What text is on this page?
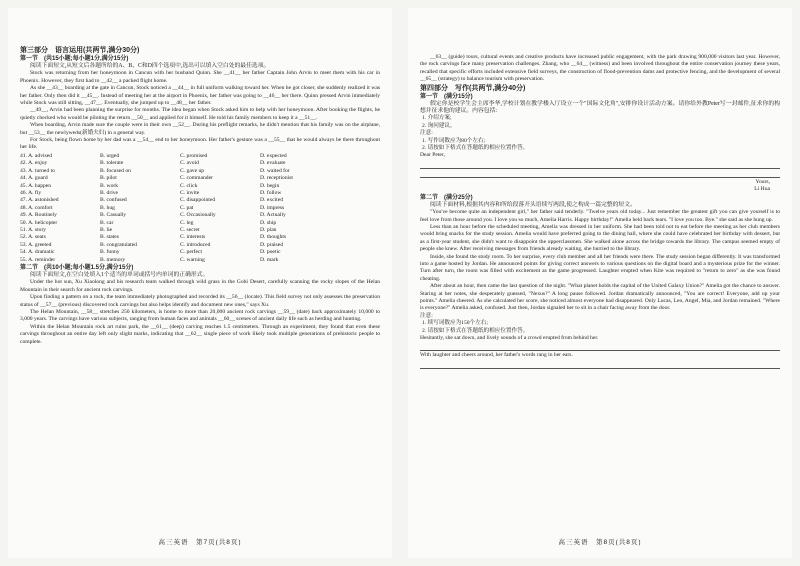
第三部分　语言运用(共两节,满分30分)
第一节　(共15小题;每小题1分,满分15分)

阅读下面短文,从短文后各题所给的A、B、C和D四个选项中,选出可以填入空白处的最佳选项。

Stock was returning from her honeymoon in Cancun with her husband Quinn. She __41__ her father Captain John Arvin to meet them with his car in Phoenix. However, they first had to __42__ a packed flight home.

As she __43__ boarding at the gate in Cancun, Stock noticed a __44__ in full uniform walking toward her. When he got closer, she suddenly realized it was her father. Only then did it __45__. Instead of meeting her at the airport in Phoenix, her father was going to __46__ her there. Quinn pressed Arvin immediately while Stock was still sitting, __47__. Eventually, she jumped up to __48__ her father.

__49__, Arvin had been planning the surprise for months. The idea began when Stock asked him to help with her honeymoon. After booking the flights, he quietly checked who would be piloting the return __50__ and applied for it himself. He told his family members to keep it a __51__.

When boarding, Arvin made sure the couple were in their own __52__. During his preflight remarks, he didn't mention that his family was on the airplane, but __53__ the newlyweds(新婚夫妇) in a general way.

For Stock, being flown home by her dad was a __54__ end to her honeymoon. Her father's gesture was a __55__ that he would always be there throughout her life.

41. A. advised	B. urged	C. promised	D. expected
42. A. enjoy	B. tolerate	C. avoid	D. evaluate
43. A. turned to	B. focused on	C. gave up	D. waited for
44. A. guard	B. pilot	C. commander	D. receptionist
45. A. happen	B. work	C. click	D. begin
46. A. fly	B. drive	C. invite	D. follow
47. A. astonished	B. confused	C. disappointed	D. excited
48. A. comfort	B. hug	C. pat	D. impress
49. A. Routinely	B. Casually	C. Occasionally	D. Actually
50. A. helicopter	B. car	C. leg	D. ship
51. A. story	B. lie	C. secret	D. plan
52. A. seats	B. states	C. interests	D. thoughts
53. A. greeted	B. congratulated	C. introduced	D. praised
54. A. dramatic	B. funny	C. perfect	D. poetic
55. A. reminder	B. memory	C. warning	D. mark
第二节　(共10小题;每小题1.5分,满分15分)

阅读下面短文,在空白处填入1个适当的单词或括号内单词的正确形式。

Under the hot sun, Xu Xiaolong and his research team walked through wild grass in the Gobi Desert, carefully scanning the rocky slopes of the Helan Mountain in their search for ancient rock carvings.

Upon finding a pattern on a rock, the team immediately photographed and recorded its __56__ (locate). This field survey not only assesses the preservation status of __57__ (previous) discovered rock carvings but also helps identify and document new ones," says Xu.

The Helan Mountain, __58__ stretches 250 kilometers, is home to more than 20,000 ancient rock carvings __59__ (date) back approximately 10,000 to 3,000 years. The carvings have various subjects, ranging from human faces and animals __60__ scenes of ancient daily life such as herding and hunting.

Within the Helan Mountain rock art ruins park, the __61__ (deep) carving reaches 1.5 centimeters. Through an experiment, they found that even these carvings throughout an entire day left only slight marks, indicating that __62__ single piece of work likely took multiple generations of prehistoric people to complete.

高三英语　第7页(共8页)

__63__ (guide) tours, cultural events and creative products have increased public engagement, with the park drawing 900,000 visitors last year. However, the rock carvings face many preservation challenges. Zhang, who __64__ (witness) and been involved throughout the entire conservation journey these years, recalled that specific efforts included extensive field surveys, the construction of flood-prevention dams and protective fencing, and the development of several __65__ (strategy) to balance tourism with preservation.

第四部分　写作(共两节,满分40分)
第一节　(满分15分)

假定你是校学生会主席李华,学校计划在教学楼入厅设立一个"国际文化角",安排你设计活动方案。请你给外教Peter写一封邮件,征求你的构想并征求他的建议。内容包括:

1. 介绍方案;
2. 询问建议。
注意:
1. 写作词数应为80个左右;
2. 请按如下格式在答题纸的相应位置作答。
Dear Peter,
Yours,
Li Hua
第二节　(满分25分)

阅读下面材料,根据其内容和所给段落开头语续写两段,使之构成一篇完整的短文。

"You've become quite an independent girl," her father said tenderly. "Twelve years old today... Just remember the greatest gift you can give yourself is to feel love from those around you. I love you so much, Amelia Harris. Happy birthday!" Amelia held back tears. "I love you too. Bye." she said as she hung up.

Less than an hour before the scheduled meeting, Amelia was dressed in her uniform. She had been told not to eat before the meeting as her club members would bring snacks for the study session. Amelia would have preferred going to the dining hall, where she could have celebrated her birthday with dessert, but as a first-year student, she didn't want to disappoint the upperclassmen. She walked alone across the bridge towards the library. The campus seemed empty of people she knew. After receiving messages from friends already waiting, she hurried to the library.

Inside, she found the study room. To her surprise, every club member and all her friends were there. The study session began differently. It was transformed into a game hosted by Jordan. He announced points for giving correct answers to various questions on the digital board and a mysterious prize for the winner. Turn after turn, the room was filled with excitement as the game progressed. Laughter erupted when Kite was required to "return to zero" as she was found cheating.

After about an hour, then came the last question of the night. "What planet holds the capital of the United Galaxy Union?" Amelia got the chance to answer. Staring at her notes, she desperately guessed, "Nexus?" A long pause followed. Jordan dramatically announced, "You are correct! Everyone, add up your points." Amelia cheered. As she calculated her score, she noticed almost everyone had disappeared. Only Lucas, Leo, Angel, Mia, and Jordan remained. "Where is everyone?" Amelia asked, confused. Just then, Jordan signaled her to sit in a chair facing away from the door.

注意:
1. 续写词数应为150个左右;
2. 请按如下格式在答题纸的相应位置作答。

Hesitantly, she sat down, and lively sounds of a crowd erupted from behind her.

With laughter and cheers around, her father's words rang in her ears.

高三英语　第8页(共8页)
